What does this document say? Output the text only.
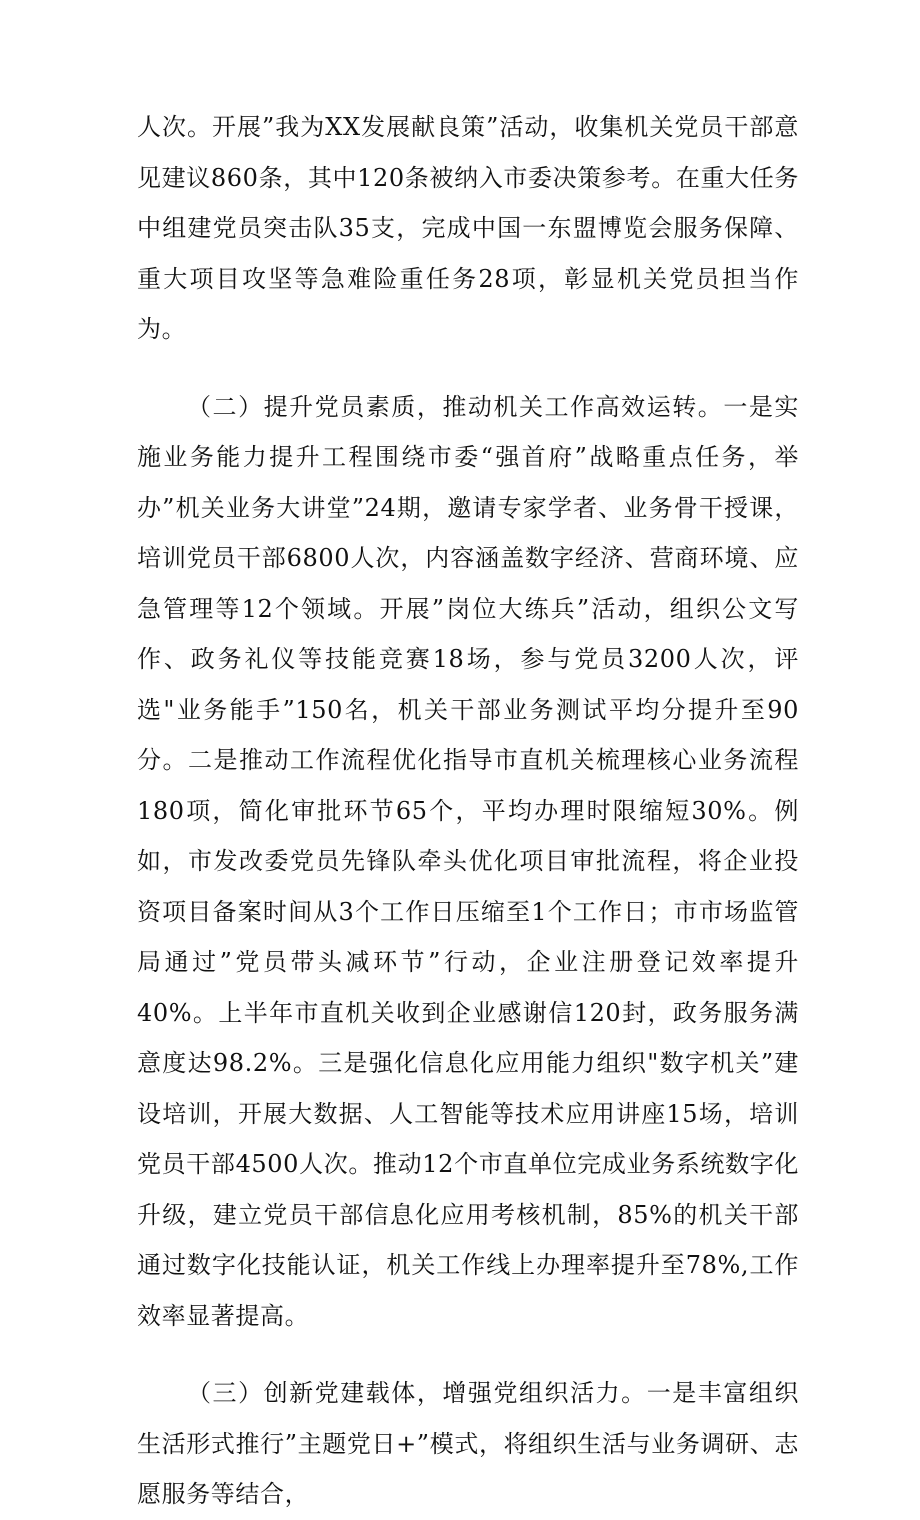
人次。开展”我为XX发展献良策”活动，收集机关党员干部意见建议860条，其中120条被纳入市委决策参考。在重大任务中组建党员突击队35支，完成中国一东盟博览会服务保障、重大项目攻坚等急难险重任务28项，彰显机关党员担当作为。

（二）提升党员素质，推动机关工作高效运转。一是实施业务能力提升工程围绕市委“强首府”战略重点任务，举办”机关业务大讲堂”24期，邀请专家学者、业务骨干授课，培训党员干部6800人次，内容涵盖数字经济、营商环境、应急管理等12个领域。开展”岗位大练兵”活动，组织公文写作、政务礼仪等技能竞赛18场，参与党员3200人次，评选"业务能手”150名，机关干部业务测试平均分提升至90分。二是推动工作流程优化指导市直机关梳理核心业务流程180项，简化审批环节65个，平均办理时限缩短30%。例如，市发改委党员先锋队牵头优化项目审批流程，将企业投资项目备案时间从3个工作日压缩至1个工作日；市市场监管局通过”党员带头减环节”行动，企业注册登记效率提升40%。上半年市直机关收到企业感谢信120封，政务服务满意度达98.2%。三是强化信息化应用能力组织"数字机关”建设培训，开展大数据、人工智能等技术应用讲座15场，培训党员干部4500人次。推动12个市直单位完成业务系统数字化升级，建立党员干部信息化应用考核机制，85%的机关干部通过数字化技能认证，机关工作线上办理率提升至78%,工作效率显著提高。

（三）创新党建载体，增强党组织活力。一是丰富组织生活形式推行”主题党日+”模式，将组织生活与业务调研、志愿服务等结合，
